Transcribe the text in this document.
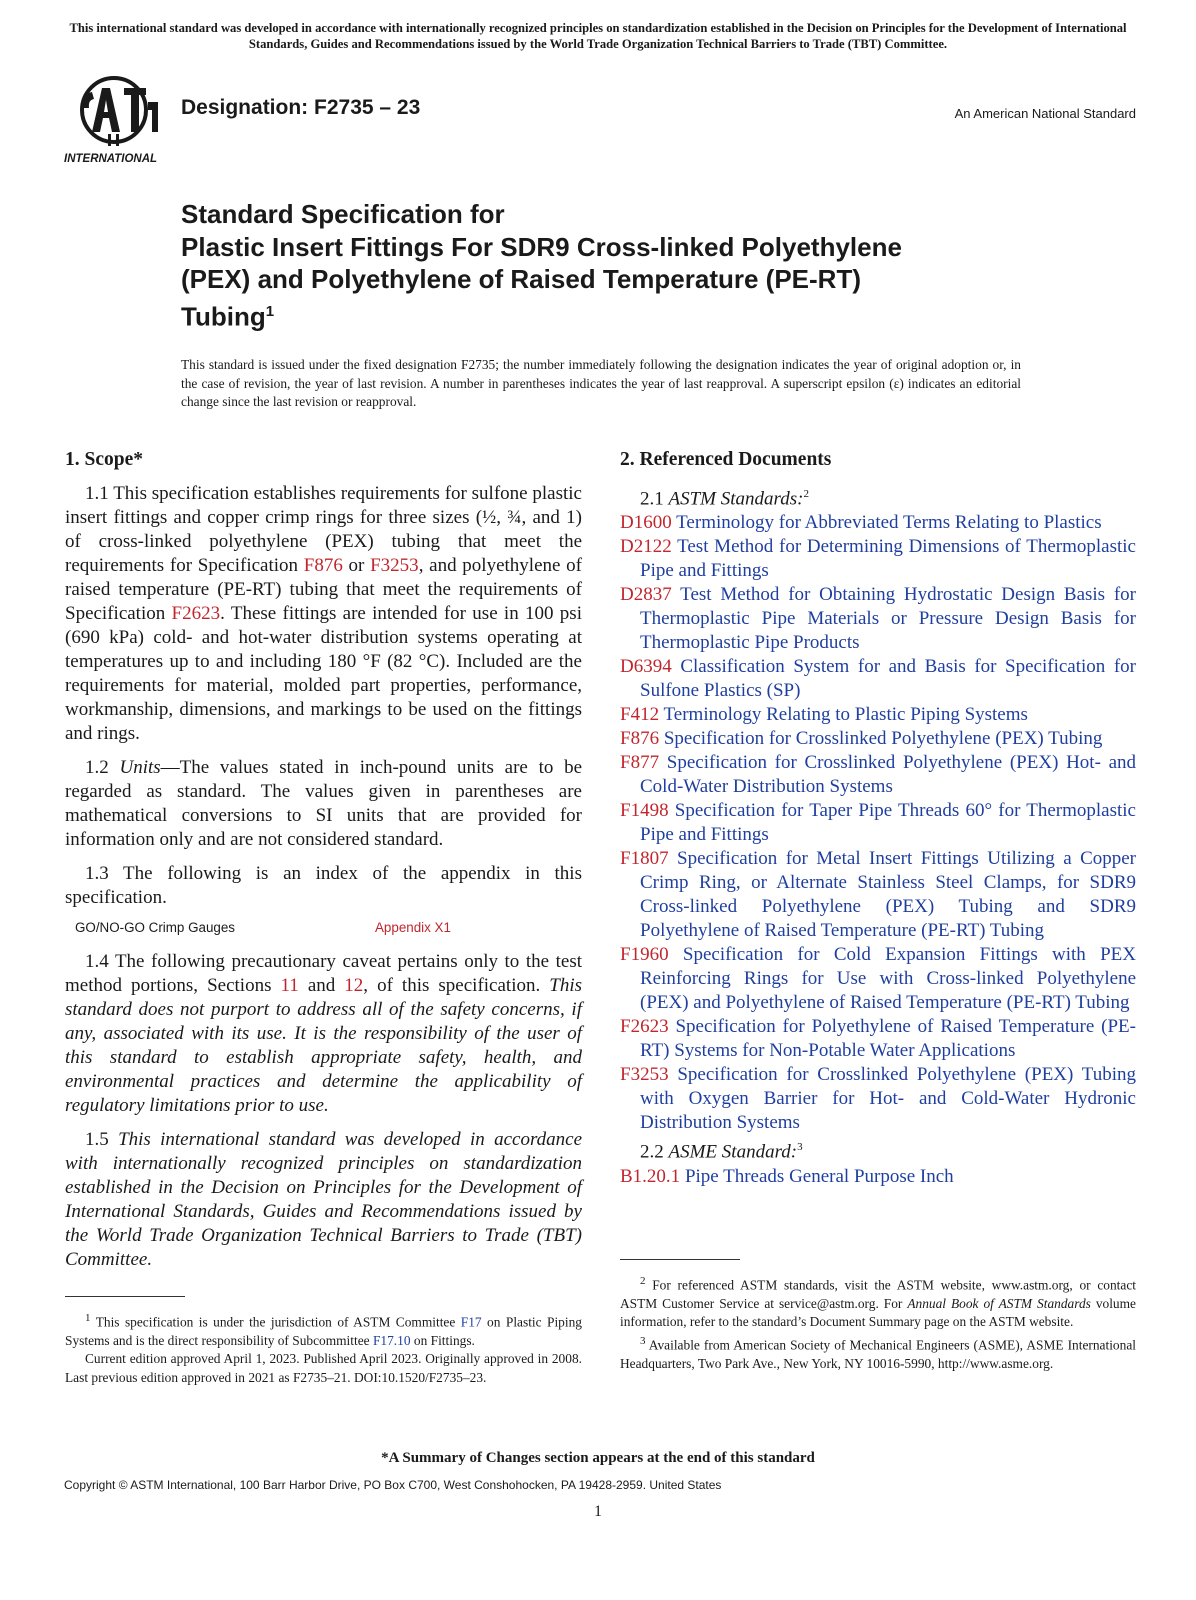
This international standard was developed in accordance with internationally recognized principles on standardization established in the Decision on Principles for the Development of International Standards, Guides and Recommendations issued by the World Trade Organization Technical Barriers to Trade (TBT) Committee.
INTERNATIONAL
Designation: F2735 – 23	An American National Standard
Standard Specification for
Plastic Insert Fittings For SDR9 Cross-linked Polyethylene
(PEX) and Polyethylene of Raised Temperature (PE-RT)
Tubing$^1$
This standard is issued under the fixed designation F2735; the number immediately following the designation indicates the year of original adoption or, in the case of revision, the year of last revision. A number in parentheses indicates the year of last reapproval. A superscript epsilon (ε) indicates an editorial change since the last revision or reapproval.
1. Scope*

1.1 This specification establishes requirements for sulfone plastic insert fittings and copper crimp rings for three sizes (½, ¾, and 1) of cross-linked polyethylene (PEX) tubing that meet the requirements for Specification F876 or F3253, and polyethylene of raised temperature (PE-RT) tubing that meet the requirements of Specification F2623. These fittings are intended for use in 100 psi (690 kPa) cold- and hot-water distribution systems operating at temperatures up to and including 180 °F (82 °C). Included are the requirements for material, molded part properties, performance, workmanship, dimensions, and markings to be used on the fittings and rings.

1.2 Units—The values stated in inch-pound units are to be regarded as standard. The values given in parentheses are mathematical conversions to SI units that are provided for information only and are not considered standard.

1.3 The following is an index of the appendix in this specification.

GO/NO-GO Crimp Gauges	Appendix X1

1.4 The following precautionary caveat pertains only to the test method portions, Sections 11 and 12, of this specification. This standard does not purport to address all of the safety concerns, if any, associated with its use. It is the responsibility of the user of this standard to establish appropriate safety, health, and environmental practices and determine the applicability of regulatory limitations prior to use.

1.5 This international standard was developed in accordance with internationally recognized principles on standardization established in the Decision on Principles for the Development of International Standards, Guides and Recommendations issued by the World Trade Organization Technical Barriers to Trade (TBT) Committee.

2. Referenced Documents
2.1 ASTM Standards:$^2$
D1600 Terminology for Abbreviated Terms Relating to Plastics
D2122 Test Method for Determining Dimensions of Thermoplastic Pipe and Fittings
D2837 Test Method for Obtaining Hydrostatic Design Basis for Thermoplastic Pipe Materials or Pressure Design Basis for Thermoplastic Pipe Products
D6394 Classification System for and Basis for Specification for Sulfone Plastics (SP)
F412 Terminology Relating to Plastic Piping Systems
F876 Specification for Crosslinked Polyethylene (PEX) Tubing
F877 Specification for Crosslinked Polyethylene (PEX) Hot- and Cold-Water Distribution Systems
F1498 Specification for Taper Pipe Threads 60° for Thermoplastic Pipe and Fittings
F1807 Specification for Metal Insert Fittings Utilizing a Copper Crimp Ring, or Alternate Stainless Steel Clamps, for SDR9 Cross-linked Polyethylene (PEX) Tubing and SDR9 Polyethylene of Raised Temperature (PE-RT) Tubing
F1960 Specification for Cold Expansion Fittings with PEX Reinforcing Rings for Use with Cross-linked Polyethylene (PEX) and Polyethylene of Raised Temperature (PE-RT) Tubing
F2623 Specification for Polyethylene of Raised Temperature (PE-RT) Systems for Non-Potable Water Applications
F3253 Specification for Crosslinked Polyethylene (PEX) Tubing with Oxygen Barrier for Hot- and Cold-Water Hydronic Distribution Systems
2.2 ASME Standard:$^3$
B1.20.1 Pipe Threads General Purpose Inch

$^1$ This specification is under the jurisdiction of ASTM Committee F17 on Plastic Piping Systems and is the direct responsibility of Subcommittee F17.10 on Fittings.

Current edition approved April 1, 2023. Published April 2023. Originally approved in 2008. Last previous edition approved in 2021 as F2735–21. DOI:10.1520/F2735–23.

$^2$ For referenced ASTM standards, visit the ASTM website, www.astm.org, or contact ASTM Customer Service at service@astm.org. For Annual Book of ASTM Standards volume information, refer to the standard’s Document Summary page on the ASTM website.

$^3$ Available from American Society of Mechanical Engineers (ASME), ASME International Headquarters, Two Park Ave., New York, NY 10016-5990, http://www.asme.org.

*A Summary of Changes section appears at the end of this standard
Copyright © ASTM International, 100 Barr Harbor Drive, PO Box C700, West Conshohocken, PA 19428-2959. United States
1
